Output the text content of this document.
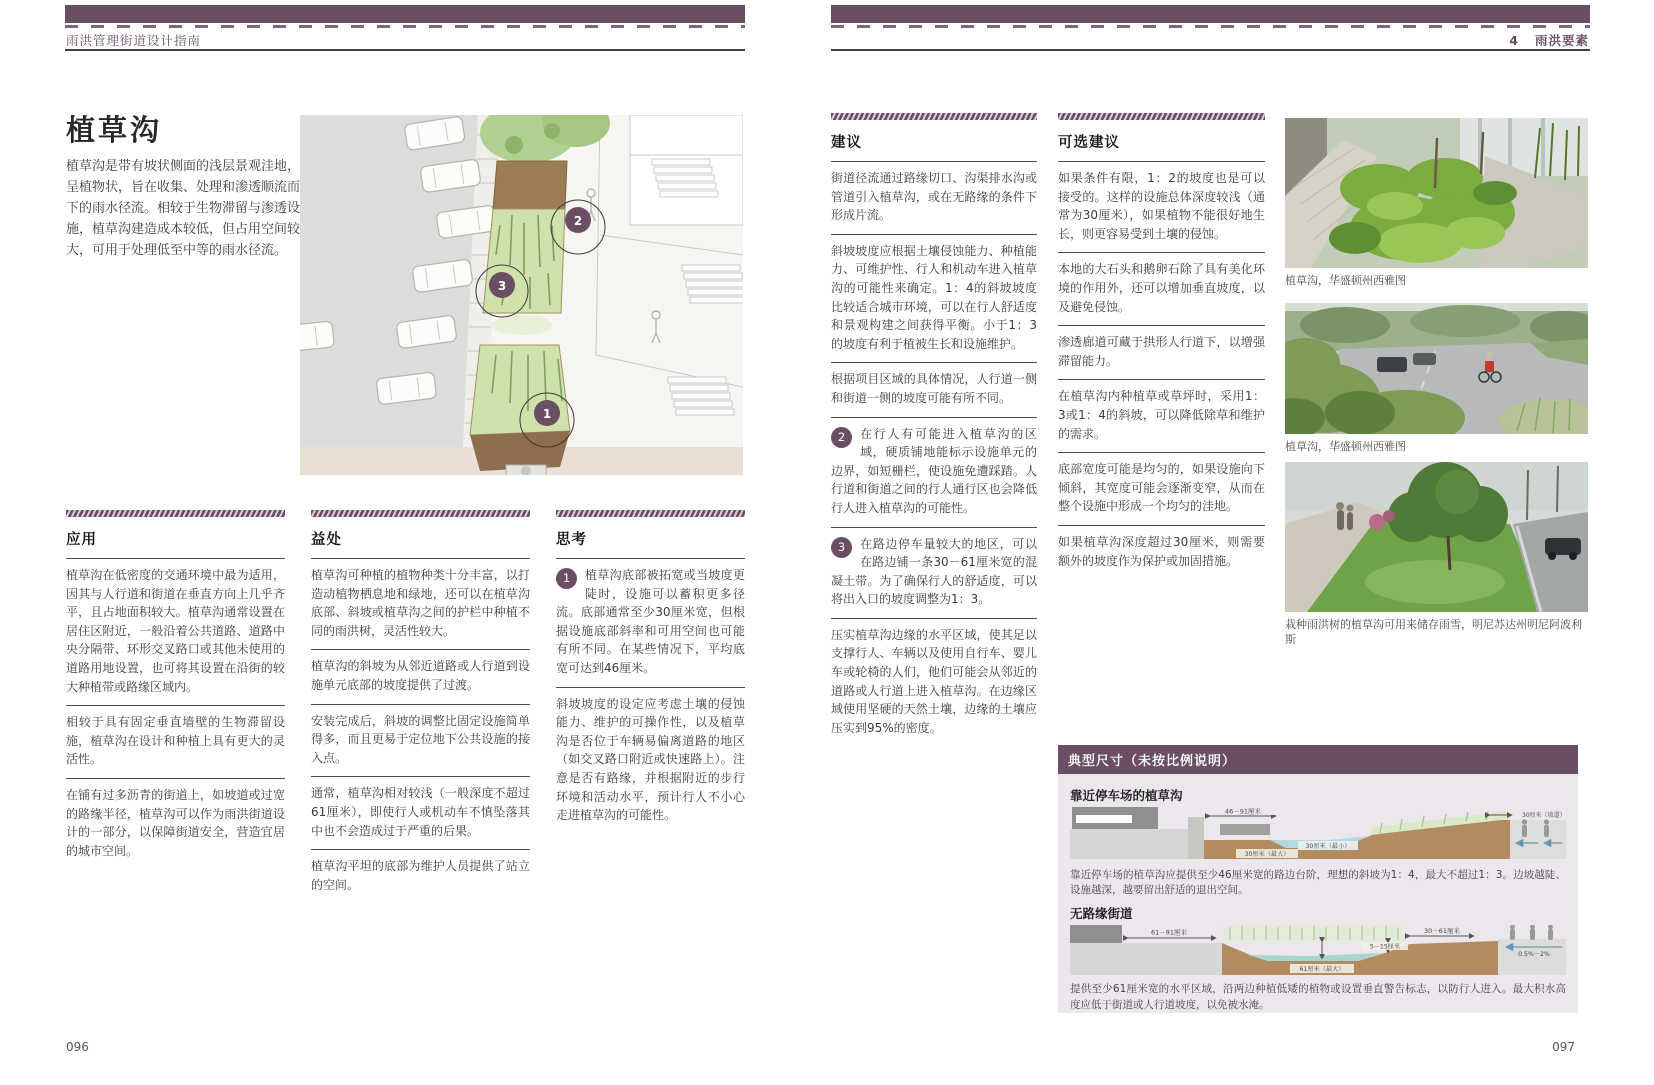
雨洪管理街道设计指南	4 雨洪要素
植草沟
植草沟是带有坡状侧面的浅层景观洼地，呈植物状，旨在收集、处理和渗透顺流而下的雨水径流。相较于生物滞留与渗透设施，植草沟建造成本较低，但占用空间较大，可用于处理低至中等的雨水径流。
2
3
1
应用
植草沟在低密度的交通环境中最为适用，因其与人行道和街道在垂直方向上几乎齐平，且占地面积较大。植草沟通常设置在居住区附近，一般沿着公共道路、道路中央分隔带、环形交叉路口或其他未使用的道路用地设置，也可将其设置在沿街的较大种植带或路缘区域内。
相较于具有固定垂直墙壁的生物滞留设施，植草沟在设计和种植上具有更大的灵活性。
在铺有过多沥青的街道上，如坡道或过宽的路缘半径，植草沟可以作为雨洪街道设计的一部分，以保障街道安全，营造宜居的城市空间。
益处
植草沟可种植的植物种类十分丰富，以打造动植物栖息地和绿地，还可以在植草沟底部、斜坡或植草沟之间的护栏中种植不同的雨洪树，灵活性较大。
植草沟的斜坡为从邻近道路或人行道到设施单元底部的坡度提供了过渡。
安装完成后，斜坡的调整比固定设施简单得多，而且更易于定位地下公共设施的接入点。
通常，植草沟相对较浅（一般深度不超过61厘米），即使行人或机动车不慎坠落其中也不会造成过于严重的后果。
植草沟平坦的底部为维护人员提供了站立的空间。
思考
1	植草沟底部被拓宽或当坡度更陡时，设施可以蓄积更多径流。底部通常至少30厘米宽，但根据设施底部斜率和可用空间也可能有所不同。在某些情况下，平均底宽可达到46厘米。
斜坡坡度的设定应考虑土壤的侵蚀能力、维护的可操作性，以及植草沟是否位于车辆易偏离道路的地区（如交叉路口附近或快速路上）。注意是否有路缘，并根据附近的步行环境和活动水平，预计行人不小心走进植草沟的可能性。
096
建议
街道径流通过路缘切口、沟渠排水沟或管道引入植草沟，或在无路缘的条件下形成片流。
斜坡坡度应根据土壤侵蚀能力、种植能力、可维护性、行人和机动车进入植草沟的可能性来确定。1：4的斜坡坡度比较适合城市环境，可以在行人舒适度和景观构建之间获得平衡。小于1：3的坡度有利于植被生长和设施维护。
根据项目区域的具体情况，人行道一侧和街道一侧的坡度可能有所不同。
2	在行人有可能进入植草沟的区域，硬质铺地能标示设施单元的边界，如短栅栏，使设施免遭踩踏。人行道和街道之间的行人通行区也会降低行人进入植草沟的可能性。
3	在路边停车量较大的地区，可以在路边铺一条30－61厘米宽的混凝土带。为了确保行人的舒适度，可以将出入口的坡度调整为1：3。
压实植草沟边缘的水平区域，使其足以支撑行人、车辆以及使用自行车、婴儿车或轮椅的人们，他们可能会从邻近的道路或人行道上进入植草沟。在边缘区域使用坚硬的天然土壤，边缘的土壤应压实到95%的密度。
可选建议
如果条件有限，1：2的坡度也是可以接受的。这样的设施总体深度较浅（通常为30厘米），如果植物不能很好地生长，则更容易受到土壤的侵蚀。
本地的大石头和鹅卵石除了具有美化环境的作用外，还可以增加垂直坡度，以及避免侵蚀。
渗透廊道可藏于拱形人行道下，以增强滞留能力。
在植草沟内种植草或草坪时，采用1：3或1：4的斜坡，可以降低除草和维护的需求。
底部宽度可能是均匀的，如果设施向下倾斜，其宽度可能会逐渐变窄，从而在整个设施中形成一个均匀的洼地。
如果植草沟深度超过30厘米，则需要额外的坡度作为保护或加固措施。
植草沟，华盛顿州西雅图
植草沟，华盛顿州西雅图
栽种雨洪树的植草沟可用来储存雨雪，明尼苏达州明尼阿波利斯
典型尺寸（未按比例说明）
靠近停车场的植草沟
46－91厘米
30厘米（最大）
30厘米（最小）
30厘米（坡道）
靠近停车场的植草沟应提供至少46厘米宽的路边台阶，理想的斜坡为1：4，最大不超过1：3。边坡越陡、设施越深，越要留出舒适的退出空间。
无路缘街道
61厘米（最大）
61－91厘米
5－15厘米
30－61厘米
0.5%－2%
提供至少61厘米宽的水平区域，沿两边种植低矮的植物或设置垂直警告标志，以防行人进入。最大积水高度应低于街道或人行道坡度，以免被水淹。
097
